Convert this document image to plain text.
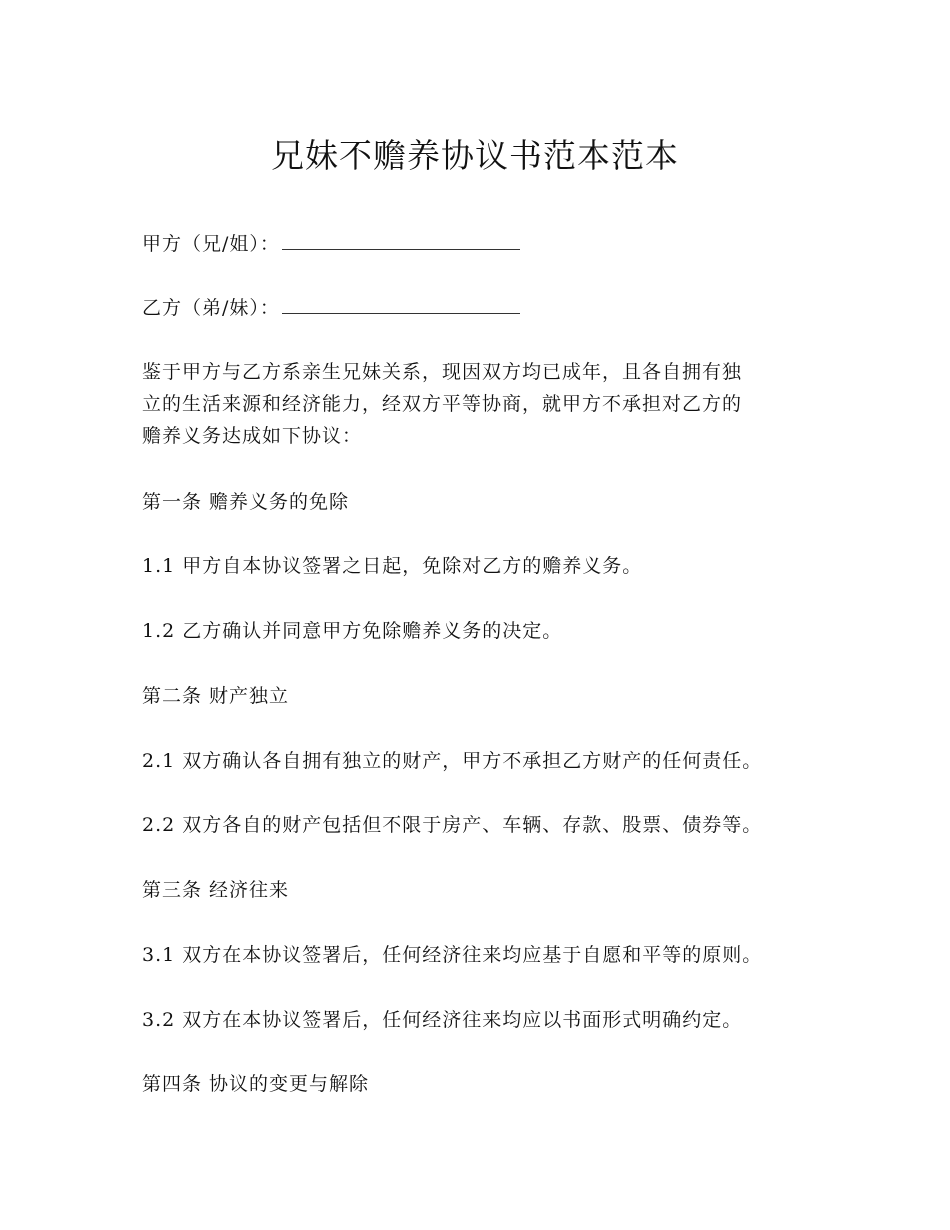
兄妹不赡养协议书范本范本
甲方（兄/姐）：
乙方（弟/妹）：
鉴于甲方与乙方系亲生兄妹关系，现因双方均已成年，且各自拥有独
立的生活来源和经济能力，经双方平等协商，就甲方不承担对乙方的
赡养义务达成如下协议：
第一条 赡养义务的免除
1.1 甲方自本协议签署之日起，免除对乙方的赡养义务。
1.2 乙方确认并同意甲方免除赡养义务的决定。
第二条 财产独立
2.1 双方确认各自拥有独立的财产，甲方不承担乙方财产的任何责任。
2.2 双方各自的财产包括但不限于房产、车辆、存款、股票、债券等。
第三条 经济往来
3.1 双方在本协议签署后，任何经济往来均应基于自愿和平等的原则。
3.2 双方在本协议签署后，任何经济往来均应以书面形式明确约定。
第四条 协议的变更与解除
